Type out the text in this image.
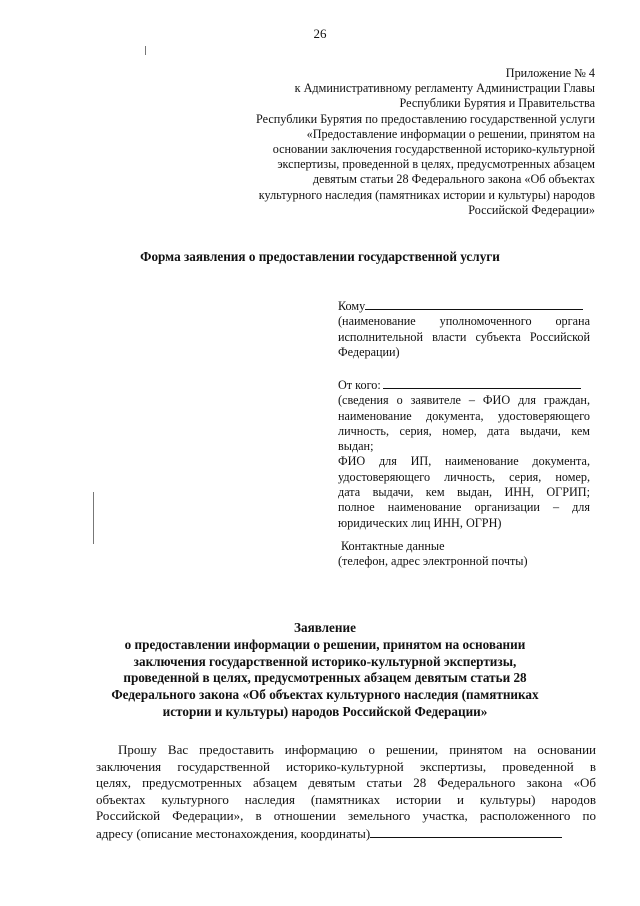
26
Приложение № 4
к Административному регламенту Администрации Главы
Республики Бурятия и Правительства
Республики Бурятия по предоставлению государственной услуги
«Предоставление информации о решении, принятом на
основании заключения государственной историко-культурной
экспертизы, проведенной в целях, предусмотренных абзацем
девятым статьи 28 Федерального закона «Об объектах
культурного наследия (памятниках истории и культуры) народов
Российской Федерации»
Форма заявления о предоставлении государственной услуги
Кому
(наименование уполномоченного органа
исполнительной власти субъекта Российской
Федерации)
От кого:
(сведения о заявителе – ФИО для граждан,
наименование документа, удостоверяющего
личность, серия, номер, дата выдачи, кем
выдан;
ФИО для ИП, наименование документа,
удостоверяющего личность, серия, номер,
дата выдачи, кем выдан, ИНН, ОГРИП;
полное наименование организации – для
юридических лиц ИНН, ОГРН)
Контактные данные
(телефон, адрес электронной почты)
Заявление
о предоставлении информации о решении, принятом на основании
заключения государственной историко-культурной экспертизы,
проведенной в целях, предусмотренных абзацем девятым статьи 28
Федерального закона «Об объектах культурного наследия (памятниках
истории и культуры) народов Российской Федерации»
Прошу Вас предоставить информацию о решении, принятом на основании
заключения государственной историко-культурной экспертизы, проведенной в
целях, предусмотренных абзацем девятым статьи 28 Федерального закона «Об
объектах культурного наследия (памятниках истории и культуры) народов
Российской Федерации», в отношении земельного участка, расположенного по
адресу (описание местонахождения, координаты)
